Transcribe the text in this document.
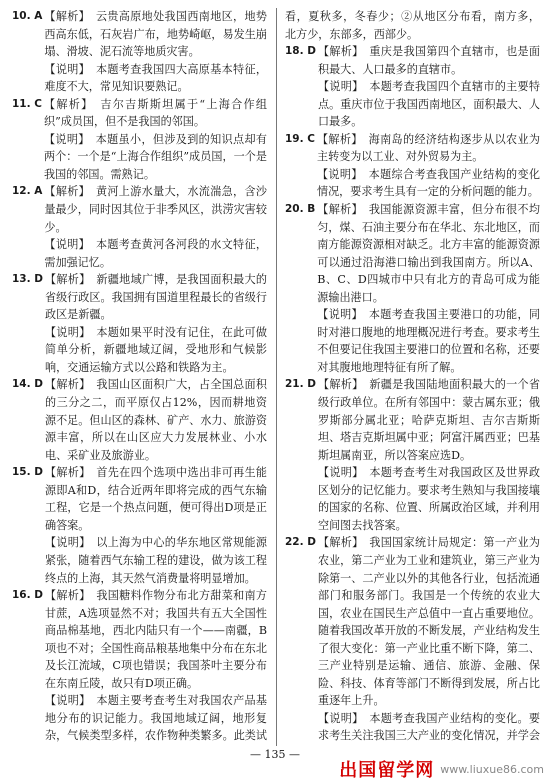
10. A 【解析】　云贵高原地处我国西南地区，地势西高东低，石灰岩广布，地势崎岖，易发生崩塌、滑坡、泥石流等地质灾害。

【说明】　本题考查我国四大高原基本特征，难度不大，常见知识要熟记。

11. C 【解析】　吉尔吉斯斯坦属于“上海合作组织”成员国，但不是我国的邻国。

【说明】　本题虽小，但涉及到的知识点却有两个：一个是“上海合作组织”成员国，一个是我国的邻国。需熟记。

12. A 【解析】　黄河上游水量大，水流湍急，含沙量最少，同时因其位于非季风区，洪涝灾害较少。

【说明】　本题考查黄河各河段的水文特征，需加强记忆。

13. D 【解析】　新疆地域广博，是我国面积最大的省级行政区。我国拥有国道里程最长的省级行政区是新疆。

【说明】　本题如果平时没有记住，在此可做简单分析，新疆地域辽阔，受地形和气候影响，交通运输方式以公路和铁路为主。

14. D 【解析】　我国山区面积广大，占全国总面积的三分之二，而平原仅占12%，因而耕地资源不足。但山区的森林、矿产、水力、旅游资源丰富，所以在山区应大力发展林业、小水电、采矿业及旅游业。

15. D 【解析】　首先在四个选项中选出非可再生能源即A和D，结合近两年即将完成的西气东输工程，它是一个热点问题，便可得出D项是正确答案。

【说明】　以上海为中心的华东地区常规能源紧张，随着西气东输工程的建设，做为该工程终点的上海，其天然气消费量将明显增加。

16. D 【解析】　我国糖料作物分布北方甜菜和南方甘蔗，A选项显然不对；我国共有五大全国性商品棉基地，西北内陆只有一个——南疆，B项也不对；全国性商品粮基地集中分布在东北及长江流域，C项也错误；我国茶叶主要分布在东南丘陵，故只有D项正确。

【说明】　本题主要考查考生对我国农产品基地分布的识记能力。我国地域辽阔，地形复杂，气候类型多样，农作物种类繁多。此类试

看，夏秋多，冬春少；②从地区分布看，南方多，北方少，东部多，西部少。

18. D 【解析】　重庆是我国第四个直辖市，也是面积最大、人口最多的直辖市。

【说明】　本题考查我国四个直辖市的主要特点。重庆市位于我国西南地区，面积最大、人口最多。

19. C 【解析】　海南岛的经济结构逐步从以农业为主转变为以工业、对外贸易为主。

【说明】　本题综合考查我国产业结构的变化情况，要求考生具有一定的分析问题的能力。

20. B 【解析】　我国能源资源丰富，但分布很不均匀，煤、石油主要分布在华北、东北地区，而南方能源资源相对缺乏。北方丰富的能源资源可以通过沿海港口输出到我国南方。所以A、B、C、D四城市中只有北方的青岛可成为能源输出港口。

【说明】　本题考查我国主要港口的功能，同时对港口腹地的地理概况进行考查。要求考生不但要记住我国主要港口的位置和名称，还要对其腹地地理特征有所了解。

21. D 【解析】　新疆是我国陆地面积最大的一个省级行政单位。在所有邻国中：蒙古属东亚；俄罗斯部分属北亚；哈萨克斯坦、吉尔吉斯斯坦、塔吉克斯坦属中亚；阿富汗属西亚；巴基斯坦属南亚，所以答案应选D。

【说明】　本题考查考生对我国政区及世界政区划分的记忆能力。要求考生熟知与我国接壤的国家的名称、位置、所属政治区域，并利用空间图去找答案。

22. D 【解析】　我国国家统计局规定：第一产业为农业，第二产业为工业和建筑业，第三产业为除第一、二产业以外的其他各行业，包括流通部门和服务部门。我国是一个传统的农业大国，农业在国民生产总值中一直占重要地位。随着我国改革开放的不断发展，产业结构发生了很大变化：第一产业比重不断下降，第二、三产业特别是运输、通信、旅游、金融、保险、科技、体育等部门不断得到发展，所占比重逐年上升。

【说明】　本题考查我国产业结构的变化。要求考生关注我国三大产业的变化情况，并学会

— 135 —
出国留学网 www.liuxue86.com
